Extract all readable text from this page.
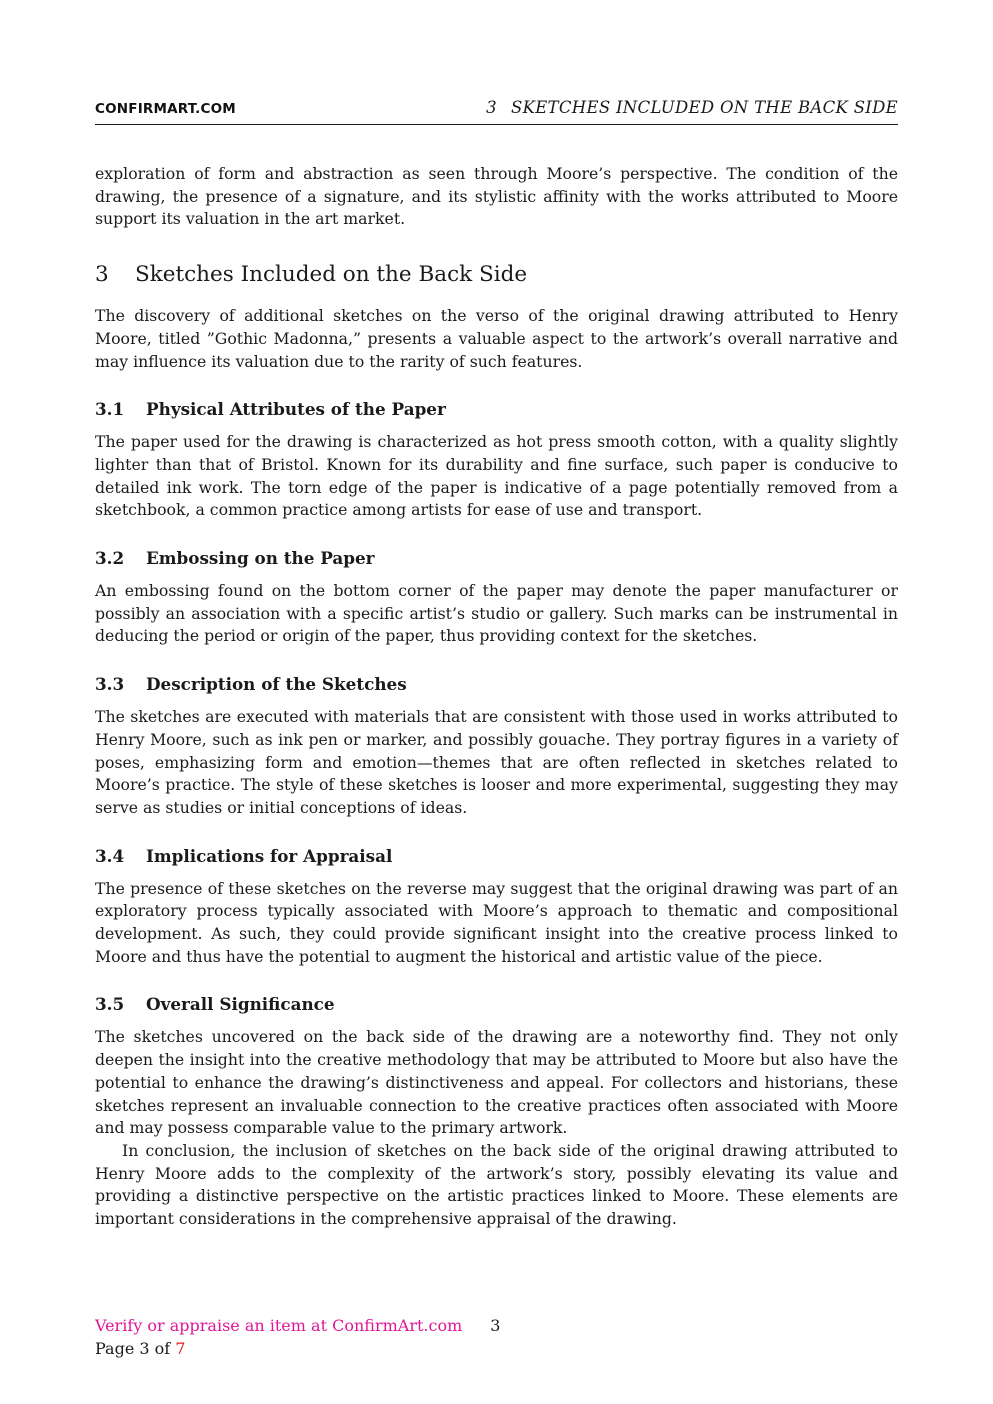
CONFIRMART.COM	3 SKETCHES INCLUDED ON THE BACK SIDE

exploration of form and abstraction as seen through Moore’s perspective. The condition of the drawing, the presence of a signature, and its stylistic affinity with the works attributed to Moore support its valuation in the art market.

3 Sketches Included on the Back Side

The discovery of additional sketches on the verso of the original drawing attributed to Henry Moore, titled ”Gothic Madonna,” presents a valuable aspect to the artwork’s overall narrative and may influence its valuation due to the rarity of such features.

3.1 Physical Attributes of the Paper

The paper used for the drawing is characterized as hot press smooth cotton, with a quality slightly lighter than that of Bristol. Known for its durability and fine surface, such paper is conducive to detailed ink work. The torn edge of the paper is indicative of a page potentially removed from a sketchbook, a common practice among artists for ease of use and transport.

3.2 Embossing on the Paper

An embossing found on the bottom corner of the paper may denote the paper manufacturer or possibly an association with a specific artist’s studio or gallery. Such marks can be instrumental in deducing the period or origin of the paper, thus providing context for the sketches.

3.3 Description of the Sketches

The sketches are executed with materials that are consistent with those used in works attributed to Henry Moore, such as ink pen or marker, and possibly gouache. They portray figures in a variety of poses, emphasizing form and emotion—themes that are often reflected in sketches related to Moore’s practice. The style of these sketches is looser and more experimental, suggesting they may serve as studies or initial conceptions of ideas.

3.4 Implications for Appraisal

The presence of these sketches on the reverse may suggest that the original drawing was part of an exploratory process typically associated with Moore’s approach to thematic and compositional development. As such, they could provide significant insight into the creative process linked to Moore and thus have the potential to augment the historical and artistic value of the piece.

3.5 Overall Significance

The sketches uncovered on the back side of the drawing are a noteworthy find. They not only deepen the insight into the creative methodology that may be attributed to Moore but also have the potential to enhance the drawing’s distinctiveness and appeal. For collectors and historians, these sketches represent an invaluable connection to the creative practices often associated with Moore and may possess comparable value to the primary artwork.

In conclusion, the inclusion of sketches on the back side of the original drawing attributed to Henry Moore adds to the complexity of the artwork’s story, possibly elevating its value and providing a distinctive perspective on the artistic practices linked to Moore. These elements are important considerations in the comprehensive appraisal of the drawing.

Verify or appraise an item at ConfirmArt.com 3
Page 3 of 7
